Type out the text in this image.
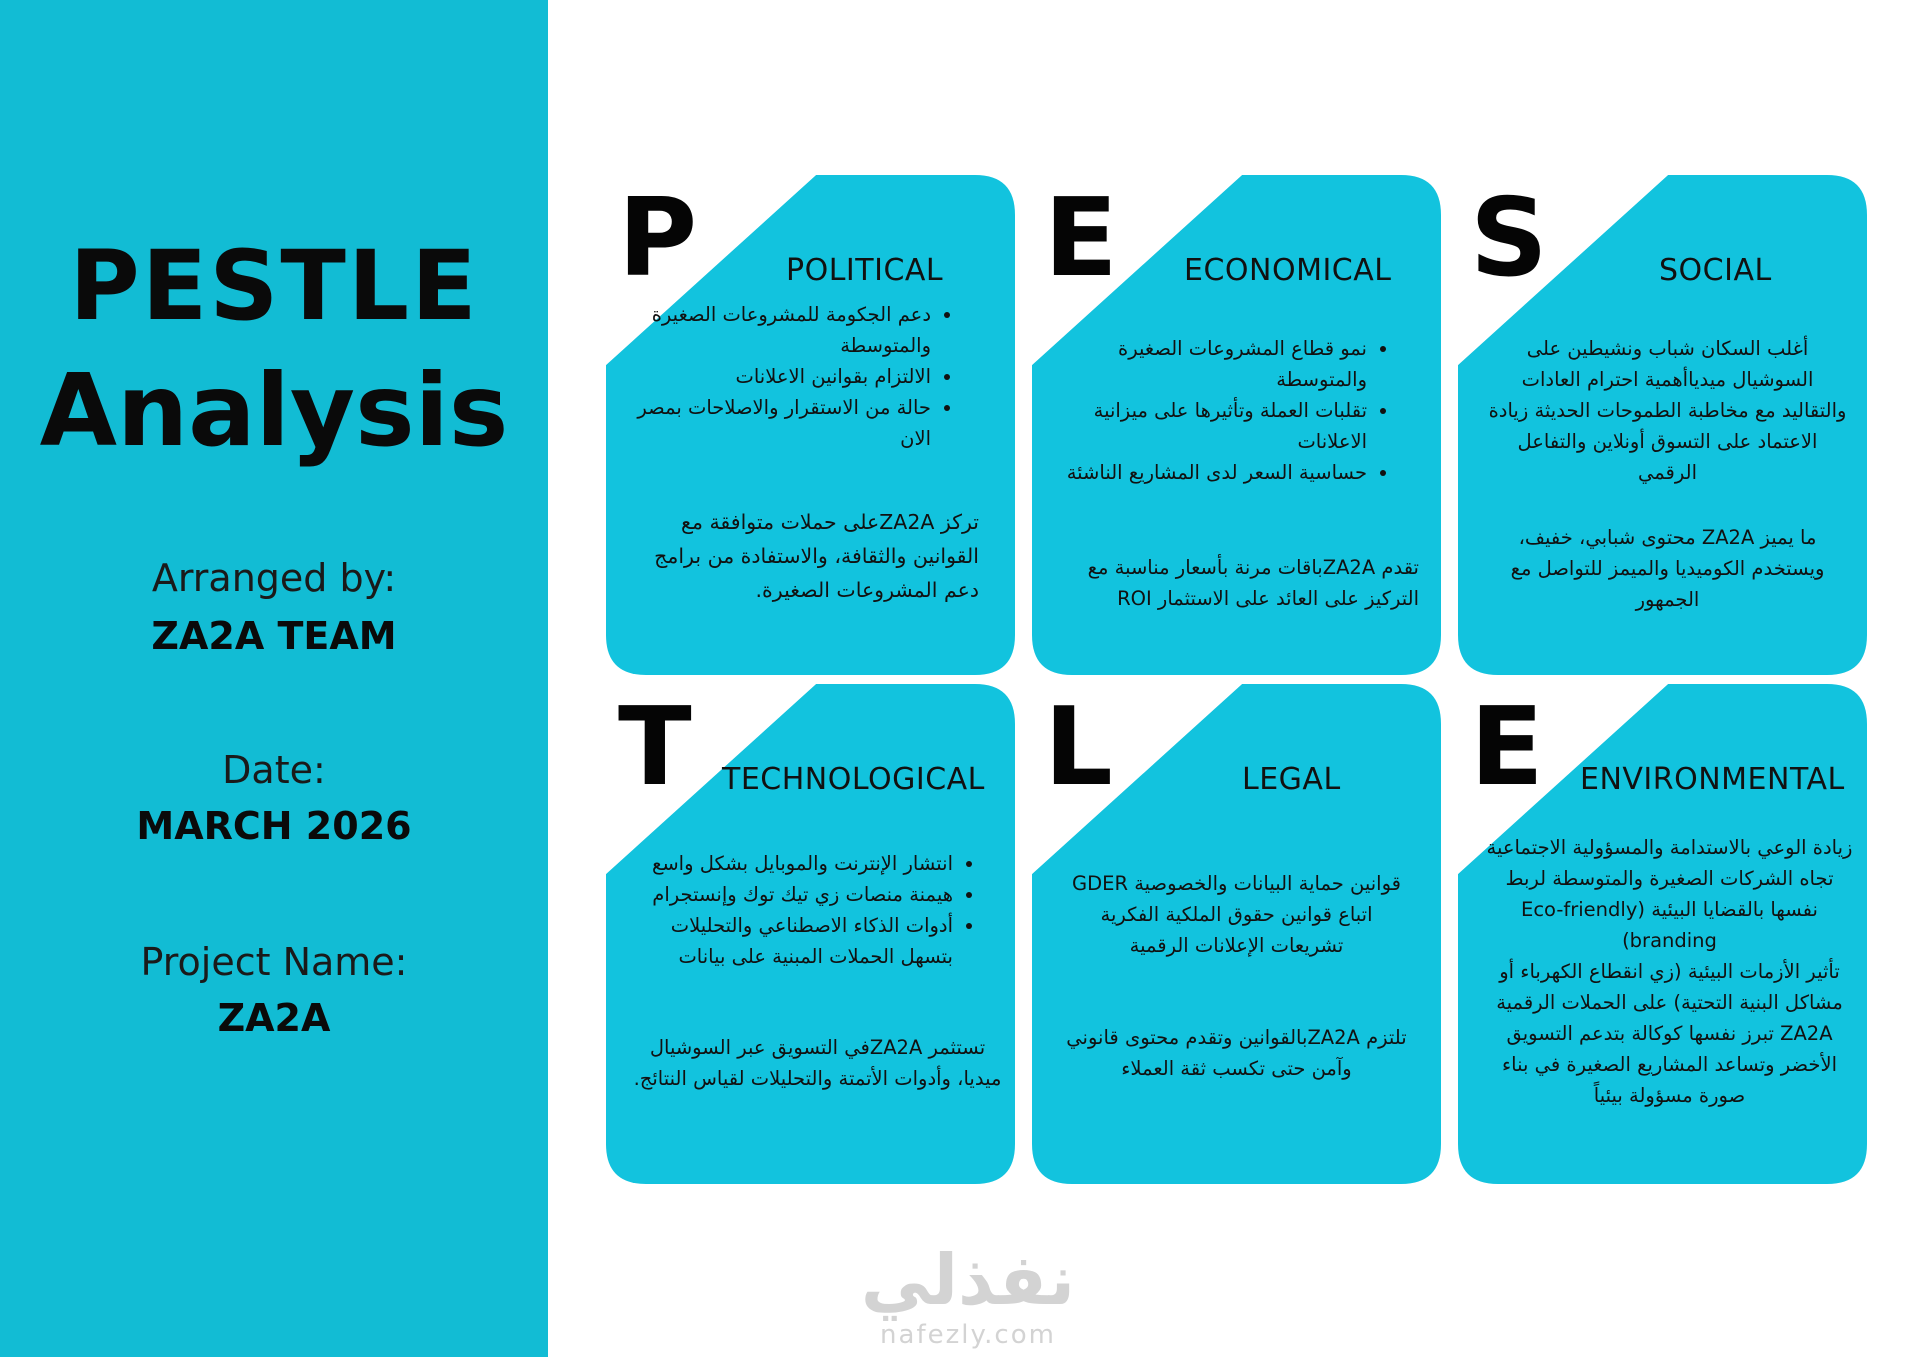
PESTLE
Analysis
Arranged by:
ZA2A TEAM
Date:
MARCH 2026
Project Name:
ZA2A
P	POLITICAL
• دعم الجكومة للمشروعات الصغيرة والمتوسطة
• الالتزام بقوانين الاعلانات
• حالة من الاستقرار والاصلاحات بمصر الان
تركز ZA2Aعلى حملات متوافقة مع القوانين والثقافة، والاستفادة من برامج دعم المشروعات الصغيرة.
E ECONOMICAL
• نمو قطاع المشروعات الصغيرة والمتوسطة
• تقلبات العملة وتأثيرها على ميزانية الاعلانات
• حساسية السعر لدى المشاريع الناشئة
تقدم ZA2Aباقات مرنة بأسعار مناسبة مع التركيز على العائد على الاستثمار ROI
S	SOCIAL

أغلب السكان شباب ونشيطين على السوشيال ميدياأهمية احترام العادات والتقاليد مع مخاطبة الطموحات الحديثة زيادة الاعتماد على التسوق أونلاين والتفاعل الرقمي

ما يميز ZA2A محتوى شبابي، خفيف، ويستخدم الكوميديا والميمز للتواصل مع الجمهور
T TECHNOLOGICAL
• انتشار الإنترنت والموبايل بشكل واسع
• هيمنة منصات زي تيك توك وإنستجرام
• أدوات الذكاء الاصطناعي والتحليلات بتسهل الحملات المبنية على بيانات
تستثمر ZA2Aفي التسويق عبر السوشيال ميديا، وأدوات الأتمتة والتحليلات لقياس النتائج.
L	LEGAL

قوانين حماية البيانات والخصوصية GDER

اتباع قوانين حقوق الملكية الفكرية تشريعات الإعلانات الرقمية

تلتزم ZA2Aبالقوانين وتقدم محتوى قانوني وآمن حتى تكسب ثقة العملاء
E ENVIRONMENTAL

زيادة الوعي بالاستدامة والمسؤولية الاجتماعية

تجاه الشركات الصغيرة والمتوسطة لربط نفسها بالقضايا البيئية (Eco-friendly branding)

تأثير الأزمات البيئية (زي انقطاع الكهرباء أو مشاكل البنية التحتية) على الحملات الرقمية

ZA2A تبرز نفسها كوكالة بتدعم التسويق الأخضر وتساعد المشاريع الصغيرة في بناء صورة مسؤولة بيئياً

نفذلي
nafezly.com
